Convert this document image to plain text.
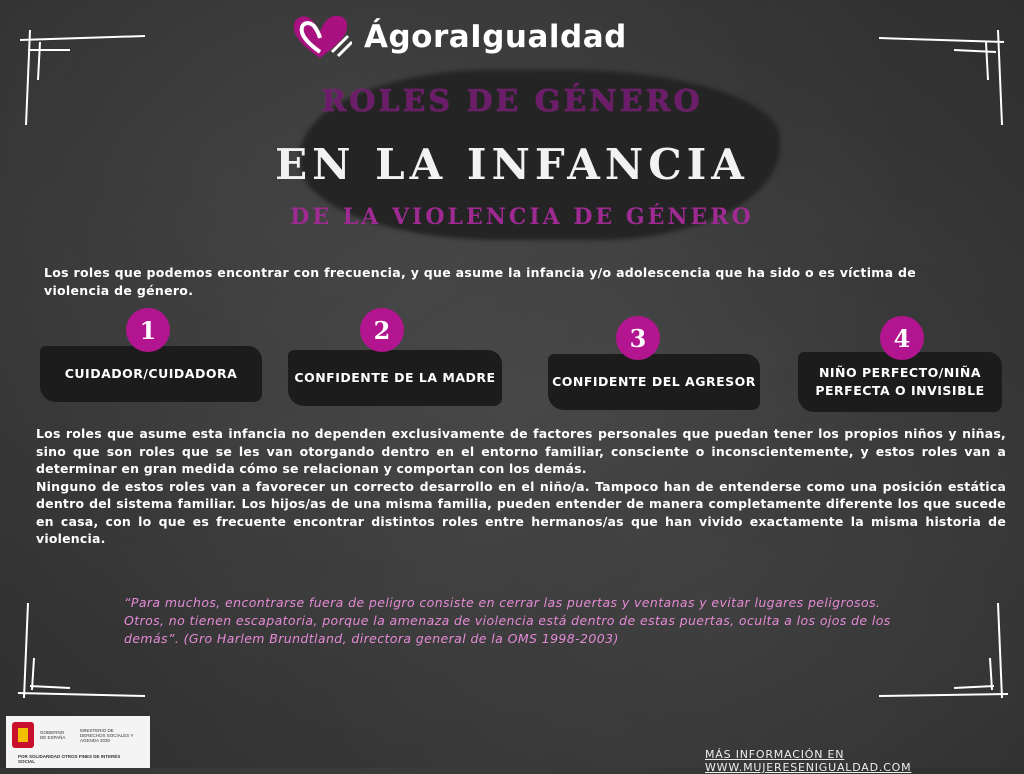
ÁgoraIgualdad
ROLES DE GÉNERO
EN LA INFANCIA
DE LA VIOLENCIA DE GÉNERO
Los roles que podemos encontrar con frecuencia, y que asume la infancia y/o adolescencia que ha sido o es víctima de violencia de género.
CUIDADOR/CUIDADORA
1
CONFIDENTE DE LA MADRE
2
CONFIDENTE DEL AGRESOR
3
NIÑO PERFECTO/NIÑA PERFECTA O INVISIBLE
4

Los roles que asume esta infancia no dependen exclusivamente de factores personales que puedan tener los propios niños y niñas, sino que son roles que se les van otorgando dentro en el entorno familiar, consciente o inconscientemente, y estos roles van a determinar en gran medida cómo se relacionan y comportan con los demás.

Ninguno de estos roles van a favorecer un correcto desarrollo en el niño/a. Tampoco han de entenderse como una posición estática dentro del sistema familiar. Los hijos/as de una misma familia, pueden entender de manera completamente diferente los que sucede en casa, con lo que es frecuente encontrar distintos roles entre hermanos/as que han vivido exactamente la misma historia de violencia.

“Para muchos, encontrarse fuera de peligro consiste en cerrar las puertas y ventanas y evitar lugares peligrosos. Otros, no tienen escapatoria, porque la amenaza de violencia está dentro de estas puertas, oculta a los ojos de los demás”. (Gro Harlem Brundtland, directora general de la OMS 1998-2003)
GOBIERNO DE ESPAÑA
MINISTERIO DE DERECHOS SOCIALES Y AGENDA 2030
POR SOLIDARIDAD OTROS FINES DE INTERÉS SOCIAL
MÁS INFORMACIÓN EN WWW.MUJERESENIGUALDAD.COM
